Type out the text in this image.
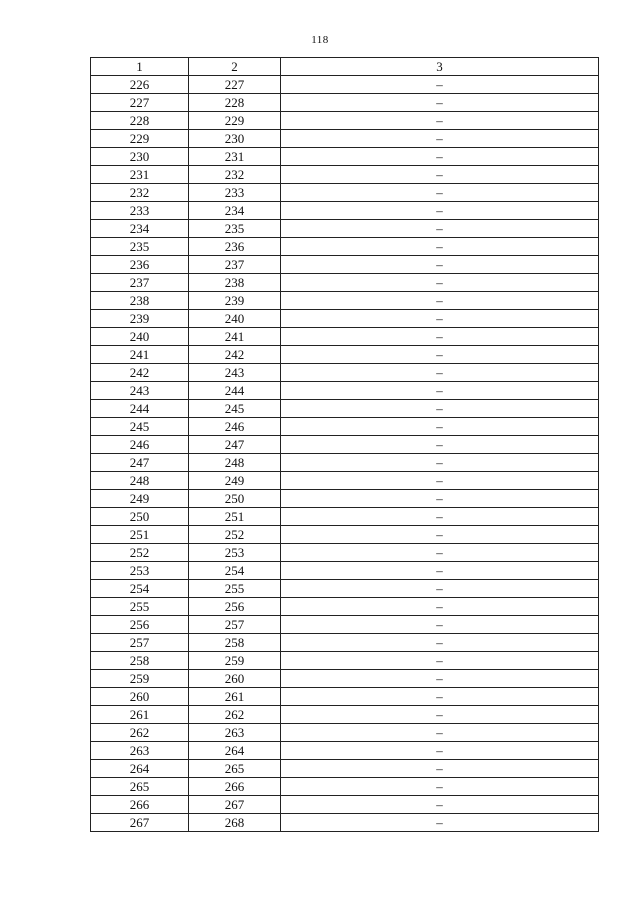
118
1	2	3
226	227	–
227	228	–
228	229	–
229	230	–
230	231	–
231	232	–
232	233	–
233	234	–
234	235	–
235	236	–
236	237	–
237	238	–
238	239	–
239	240	–
240	241	–
241	242	–
242	243	–
243	244	–
244	245	–
245	246	–
246	247	–
247	248	–
248	249	–
249	250	–
250	251	–
251	252	–
252	253	–
253	254	–
254	255	–
255	256	–
256	257	–
257	258	–
258	259	–
259	260	–
260	261	–
261	262	–
262	263	–
263	264	–
264	265	–
265	266	–
266	267	–
267	268	–
